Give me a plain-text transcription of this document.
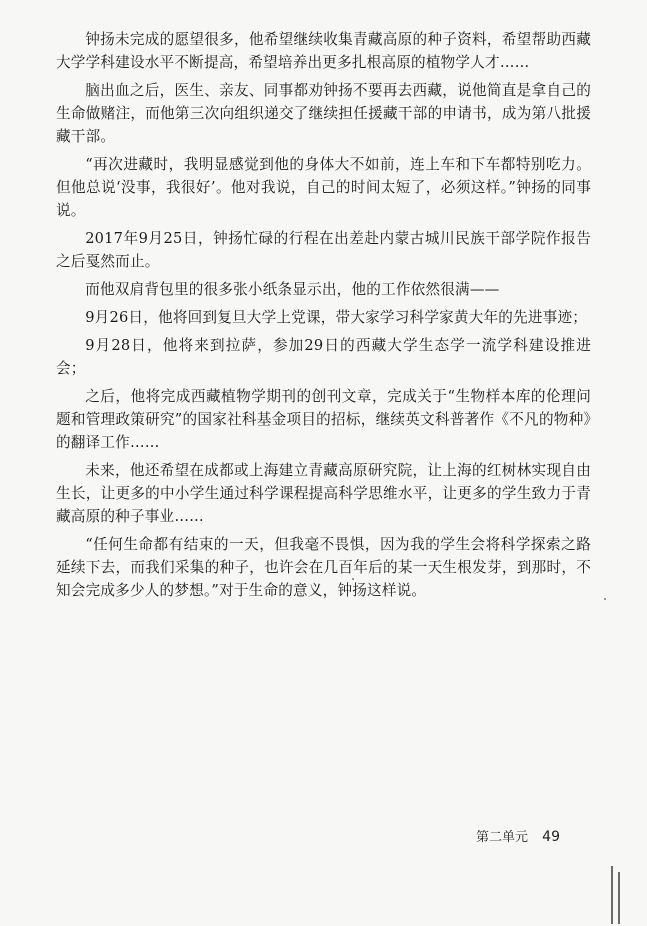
钟扬未完成的愿望很多，他希望继续收集青藏高原的种子资料，希望帮助西藏大学学科建设水平不断提高，希望培养出更多扎根高原的植物学人才……

脑出血之后，医生、亲友、同事都劝钟扬不要再去西藏，说他简直是拿自己的生命做赌注，而他第三次向组织递交了继续担任援藏干部的申请书，成为第八批援藏干部。

“再次进藏时，我明显感觉到他的身体大不如前，连上车和下车都特别吃力。但他总说‘没事，我很好’。他对我说，自己的时间太短了，必须这样。”钟扬的同事说。

2017年9月25日，钟扬忙碌的行程在出差赴内蒙古城川民族干部学院作报告之后戛然而止。

而他双肩背包里的很多张小纸条显示出，他的工作依然很满——

9月26日，他将回到复旦大学上党课，带大家学习科学家黄大年的先进事迹；

9月28日，他将来到拉萨，参加29日的西藏大学生态学一流学科建设推进会；

之后，他将完成西藏植物学期刊的创刊文章，完成关于“生物样本库的伦理问题和管理政策研究”的国家社科基金项目的招标，继续英文科普著作《不凡的物种》的翻译工作……

未来，他还希望在成都或上海建立青藏高原研究院，让上海的红树林实现自由生长，让更多的中小学生通过科学课程提高科学思维水平，让更多的学生致力于青藏高原的种子事业……

“任何生命都有结束的一天，但我毫不畏惧，因为我的学生会将科学探索之路延续下去，而我们采集的种子，也许会在几百年后的某一天生根发芽，到那时，不知会完成多少人的梦想。”对于生命的意义，钟扬这样说。

第二单元 49
